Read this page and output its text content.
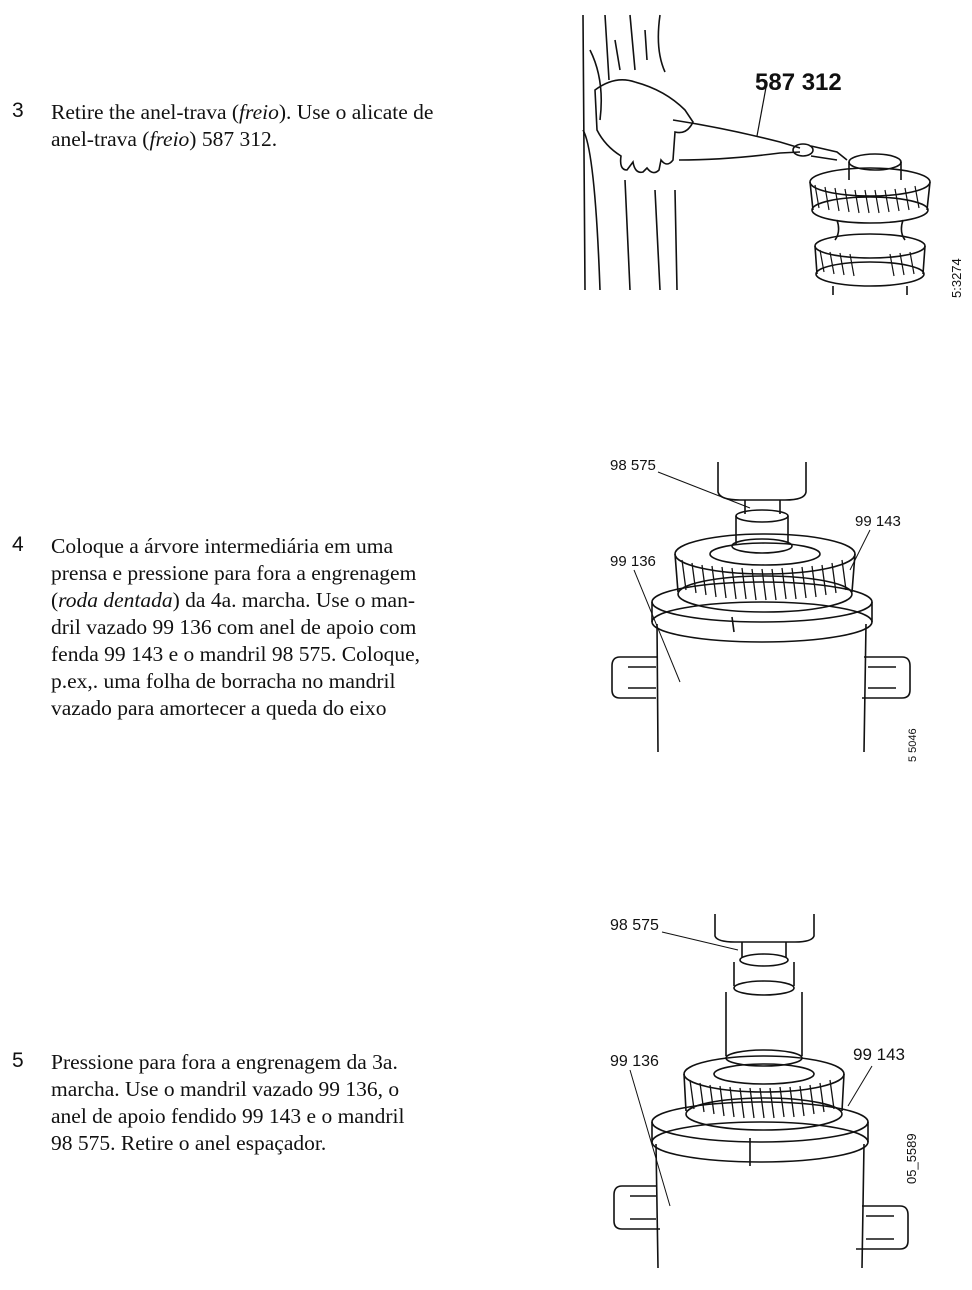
3 Retire the anel-trava (freio). Use o alicate de
anel-trava (freio) 587 312.
587 312
5:3274
4 Coloque a árvore intermediária em uma
prensa e pressione para fora a engrenagem
(roda dentada) da 4a. marcha. Use o man-
dril vazado 99 136 com anel de apoio com
fenda 99 143 e o mandril 98 575. Coloque,
p.ex,. uma folha de borracha no mandril
vazado para amortecer a queda do eixo
98 575
99 136
99 143
5 5046
5 Pressione para fora a engrenagem da 3a.
marcha. Use o mandril vazado 99 136, o
anel de apoio fendido 99 143 e o mandril
98 575. Retire o anel espaçador.
98 575
99 136	99 143
05_5589
